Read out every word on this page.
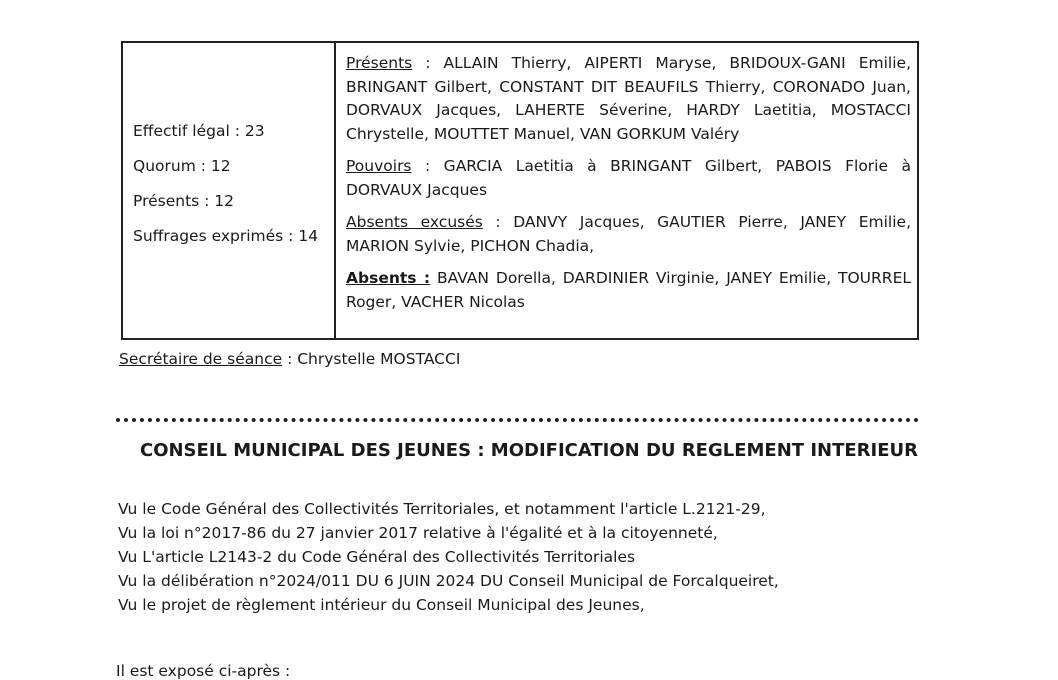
Effectif légal : 23
Quorum : 12
Présents : 12
Suffrages exprimés : 14

Présents : ALLAIN Thierry, AIPERTI Maryse, BRIDOUX-GANI Emilie, BRINGANT Gilbert, CONSTANT DIT BEAUFILS Thierry, CORONADO Juan, DORVAUX Jacques, LAHERTE Séverine, HARDY Laetitia, MOSTACCI Chrystelle, MOUTTET Manuel, VAN GORKUM Valéry

Pouvoirs : GARCIA Laetitia à BRINGANT Gilbert, PABOIS Florie à DORVAUX Jacques

Absents excusés : DANVY Jacques, GAUTIER Pierre, JANEY Emilie, MARION Sylvie, PICHON Chadia,

Absents : BAVAN Dorella, DARDINIER Virginie, JANEY Emilie, TOURREL Roger, VACHER Nicolas

Secrétaire de séance : Chrystelle MOSTACCI
CONSEIL MUNICIPAL DES JEUNES : MODIFICATION DU REGLEMENT INTERIEUR
Vu le Code Général des Collectivités Territoriales, et notamment l'article L.2121-29,
Vu la loi n°2017-86 du 27 janvier 2017 relative à l'égalité et à la citoyenneté,
Vu L'article L2143-2 du Code Général des Collectivités Territoriales
Vu la délibération n°2024/011 DU 6 JUIN 2024 DU Conseil Municipal de Forcalqueiret,
Vu le projet de règlement intérieur du Conseil Municipal des Jeunes,
Il est exposé ci-après :
